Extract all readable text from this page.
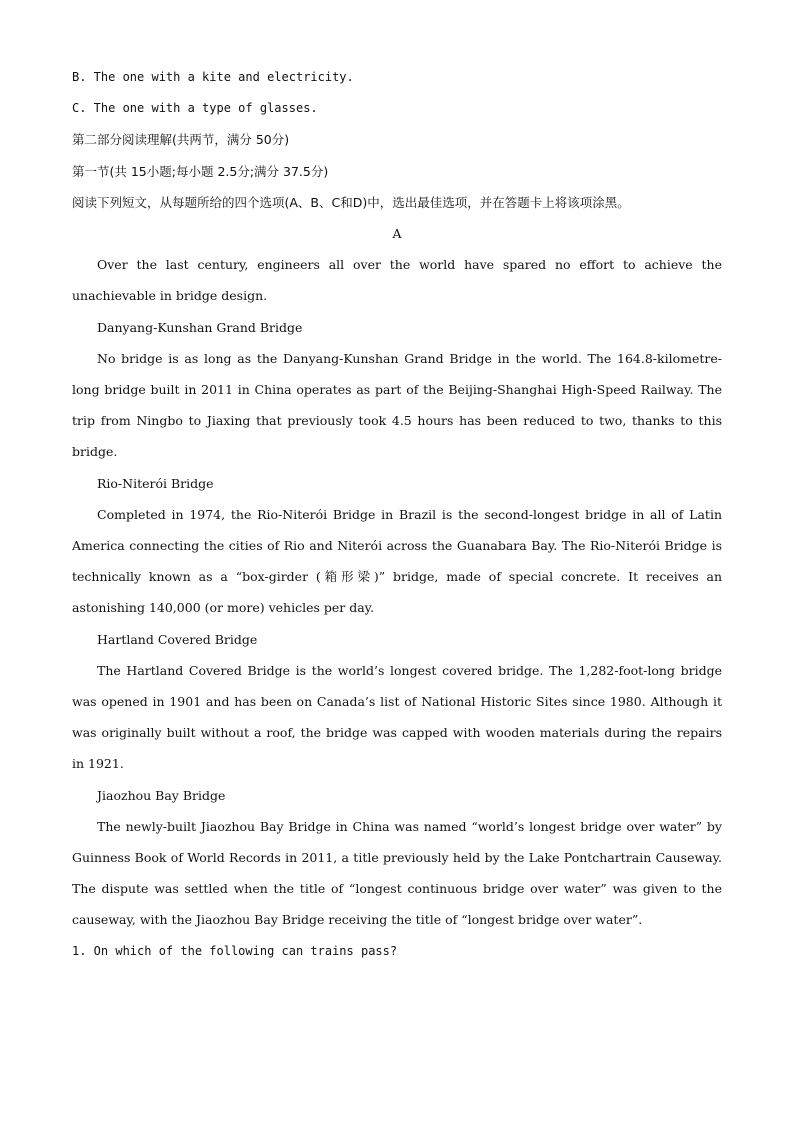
B. The one with a kite and electricity.

C. The one with a type of glasses.

第二部分阅读理解(共两节，满分 50分)

第一节(共 15小题;每小题 2.5分;满分 37.5分)

阅读下列短文，从每题所给的四个选项(A、B、C和D)中，选出最佳选项，并在答题卡上将该项涂黑。

A

Over the last century, engineers all over the world have spared no effort to achieve the unachievable in bridge design.

Danyang-Kunshan Grand Bridge

No bridge is as long as the Danyang-Kunshan Grand Bridge in the world. The 164.8-kilometre-long bridge built in 2011 in China operates as part of the Beijing-Shanghai High-Speed Railway. The trip from Ningbo to Jiaxing that previously took 4.5 hours has been reduced to two, thanks to this bridge.

Rio-Niterói Bridge

Completed in 1974, the Rio-Niterói Bridge in Brazil is the second-longest bridge in all of Latin America connecting the cities of Rio and Niterói across the Guanabara Bay. The Rio-Niterói Bridge is technically known as a “box-girder (箱形梁)” bridge, made of special concrete. It receives an astonishing 140,000 (or more) vehicles per day.

Hartland Covered Bridge

The Hartland Covered Bridge is the world’s longest covered bridge. The 1,282-foot-long bridge was opened in 1901 and has been on Canada’s list of National Historic Sites since 1980. Although it was originally built without a roof, the bridge was capped with wooden materials during the repairs in 1921.

Jiaozhou Bay Bridge

The newly-built Jiaozhou Bay Bridge in China was named “world’s longest bridge over water” by Guinness Book of World Records in 2011, a title previously held by the Lake Pontchartrain Causeway. The dispute was settled when the title of “longest continuous bridge over water” was given to the causeway, with the Jiaozhou Bay Bridge receiving the title of “longest bridge over water”.

1. On which of the following can trains pass?
